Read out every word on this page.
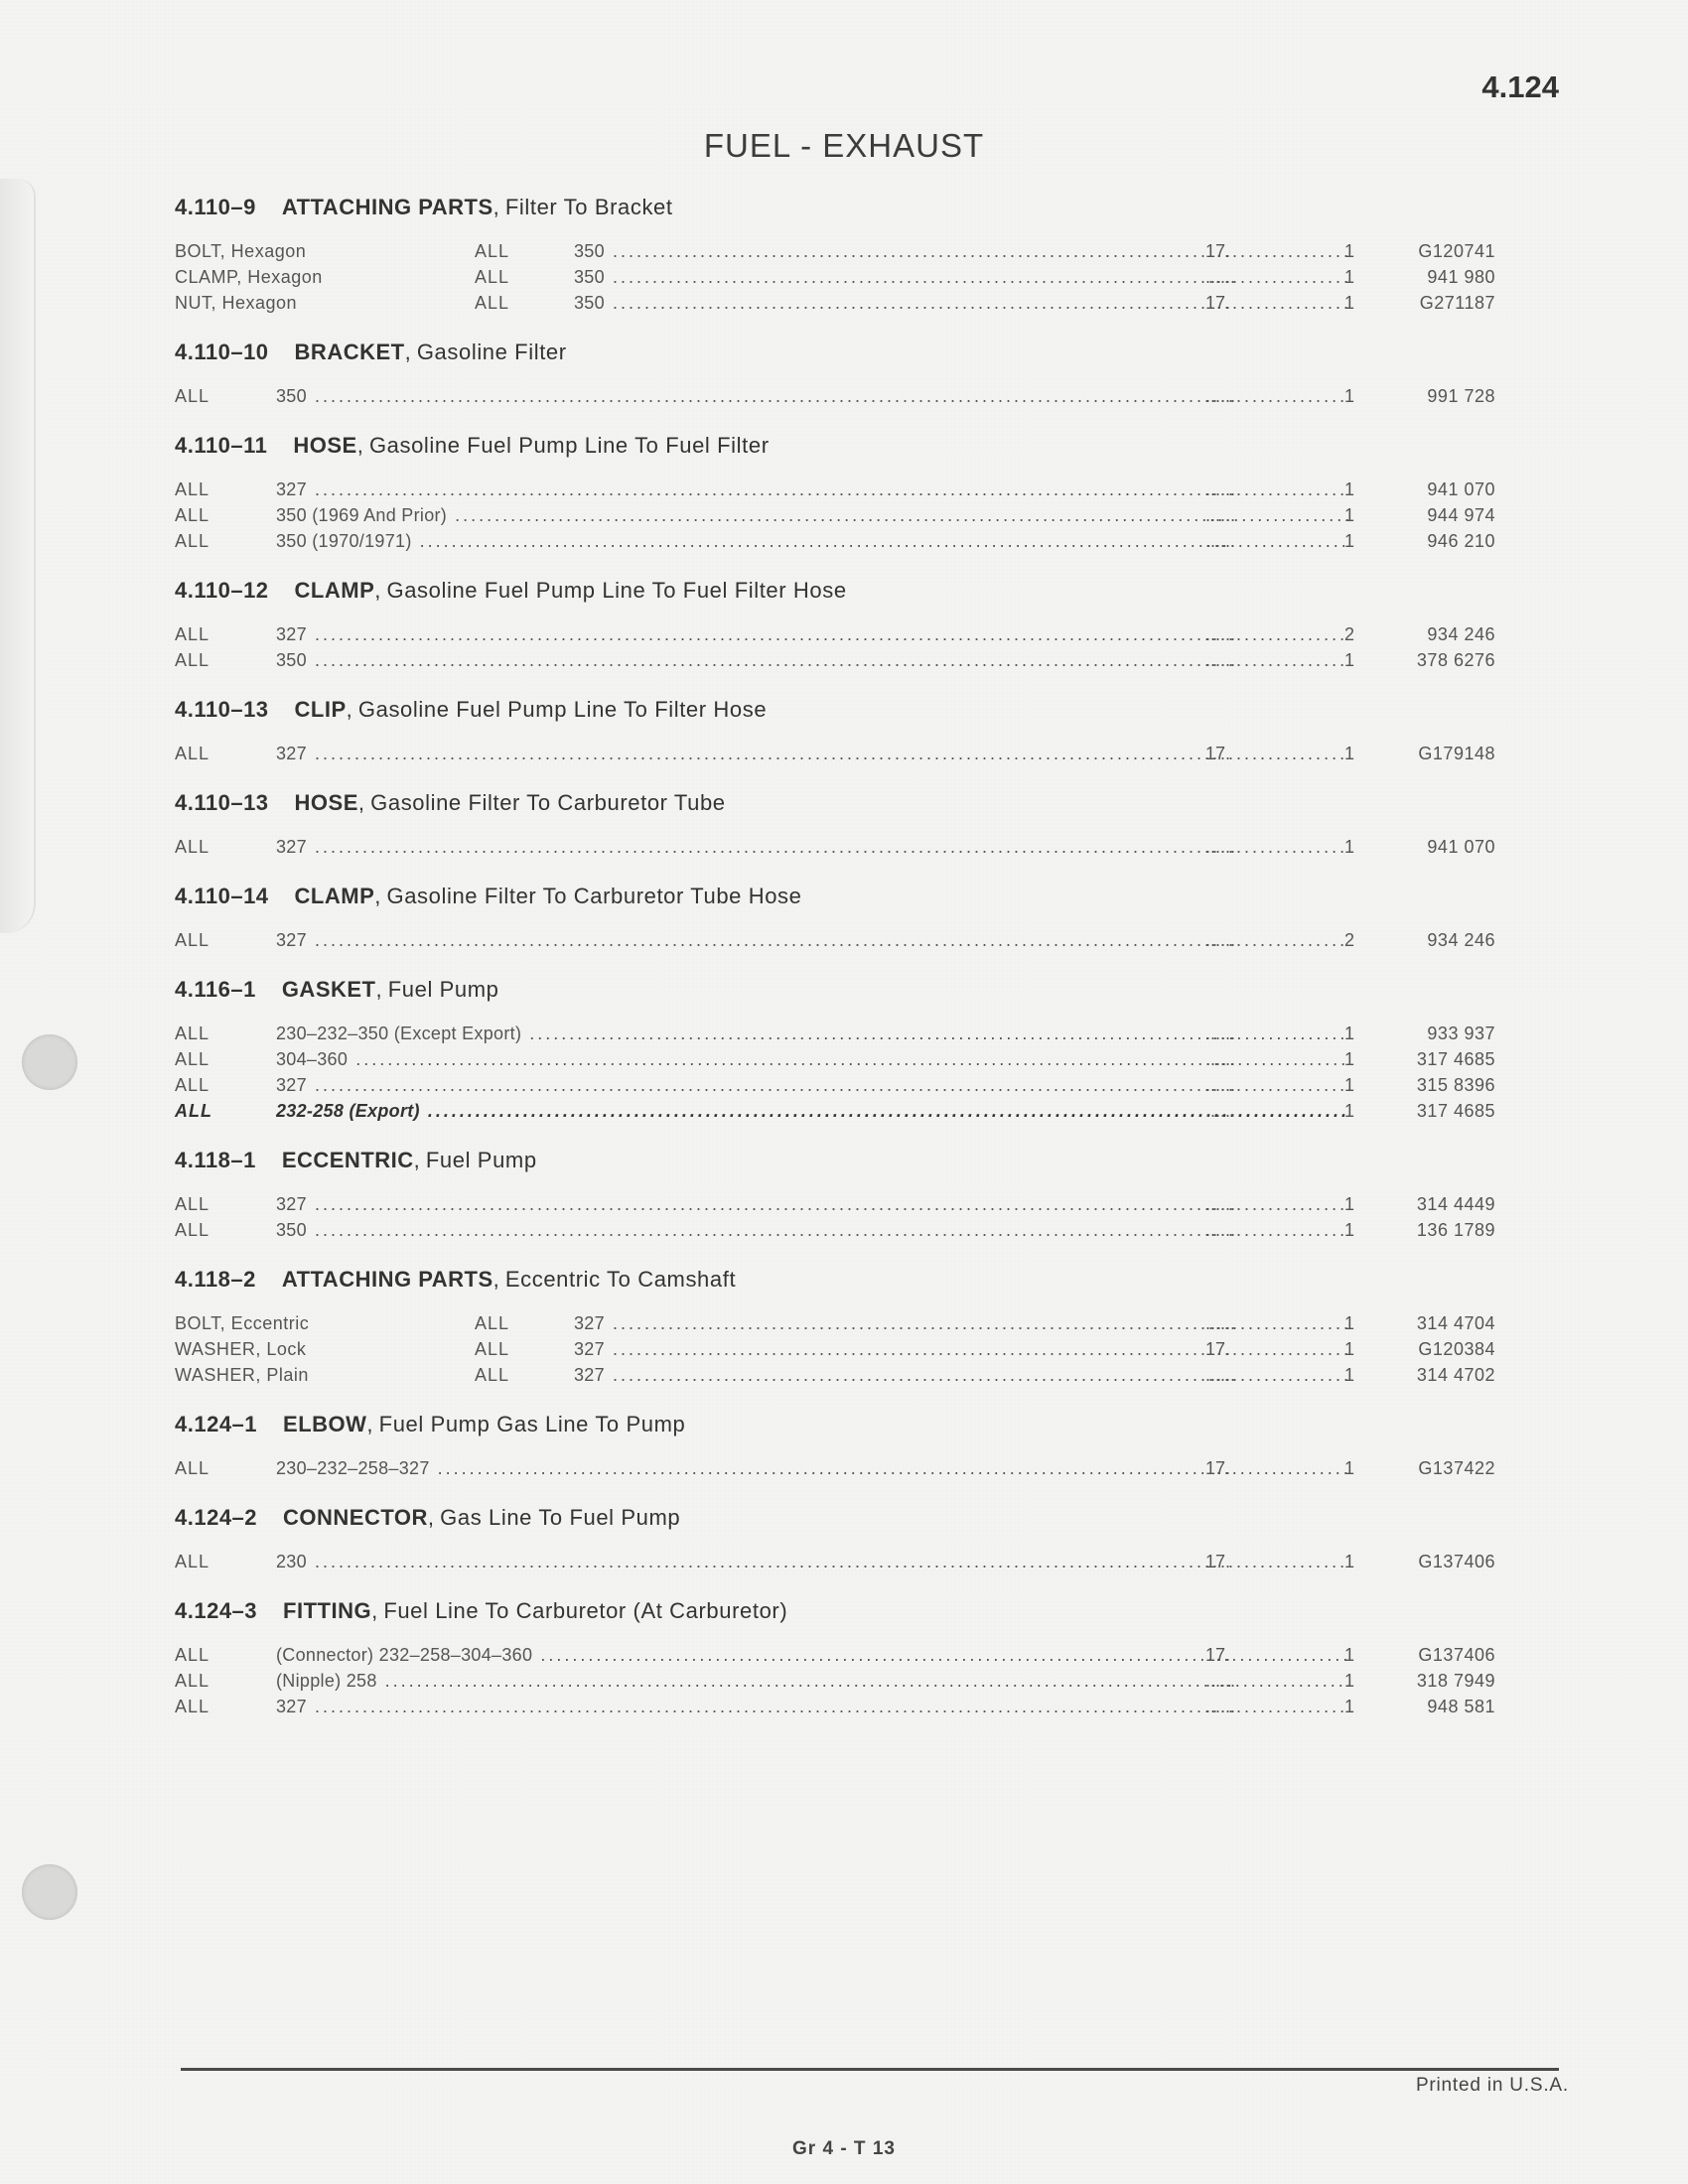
4.124
FUEL - EXHAUST
4.110–9 ATTACHING PARTS, Filter To Bracket
BOLT, Hexagon	ALL	350 .....	17.	1	G120741
CLAMP, Hexagon	ALL	350 .....	......	1	941 980
NUT, Hexagon	ALL	350 .....	17.	1	G271187
4.110–10 BRACKET, Gasoline Filter
ALL	350 .....	......	1	991 728
4.110–11 HOSE, Gasoline Fuel Pump Line To Fuel Filter
ALL	327 .....	......	1	941 070
ALL	350 (1969 And Prior) .....	......	1	944 974
ALL	350 (1970/1971) .....	......	1	946 210
4.110–12 CLAMP, Gasoline Fuel Pump Line To Fuel Filter Hose
ALL	327 .....	......	2	934 246
ALL	350 .....	......	1	378 6276
4.110–13 CLIP, Gasoline Fuel Pump Line To Filter Hose
ALL	327 .....	17.	1	G179148
4.110–13 HOSE, Gasoline Filter To Carburetor Tube
ALL	327 .....	......	1	941 070
4.110–14 CLAMP, Gasoline Filter To Carburetor Tube Hose
ALL	327 .....	......	2	934 246
4.116–1 GASKET, Fuel Pump
ALL	230–232–350 (Except Export) .....	......	1	933 937
ALL	304–360 .....	......	1	317 4685
ALL	327 .....	......	1	315 8396
ALL	232-258 (Export) .....	......	1	317 4685
4.118–1 ECCENTRIC, Fuel Pump
ALL	327 .....	......	1	314 4449
ALL	350 .....	......	1	136 1789
4.118–2 ATTACHING PARTS, Eccentric To Camshaft
BOLT, Eccentric	ALL	327 .....	......	1	314 4704
WASHER, Lock	ALL	327 .....	17.	1	G120384
WASHER, Plain	ALL	327 .....	......	1	314 4702
4.124–1 ELBOW, Fuel Pump Gas Line To Pump
ALL	230–232–258–327 .....	17.	1	G137422
4.124–2 CONNECTOR, Gas Line To Fuel Pump
ALL	230 .....	17.	1	G137406
4.124–3 FITTING, Fuel Line To Carburetor (At Carburetor)
ALL	(Connector) 232–258–304–360 .....	17.	1	G137406
ALL	(Nipple) 258 .....	......	1	318 7949
ALL	327 .....	......	1	948 581
Printed in U.S.A.
Gr 4 - T 13
